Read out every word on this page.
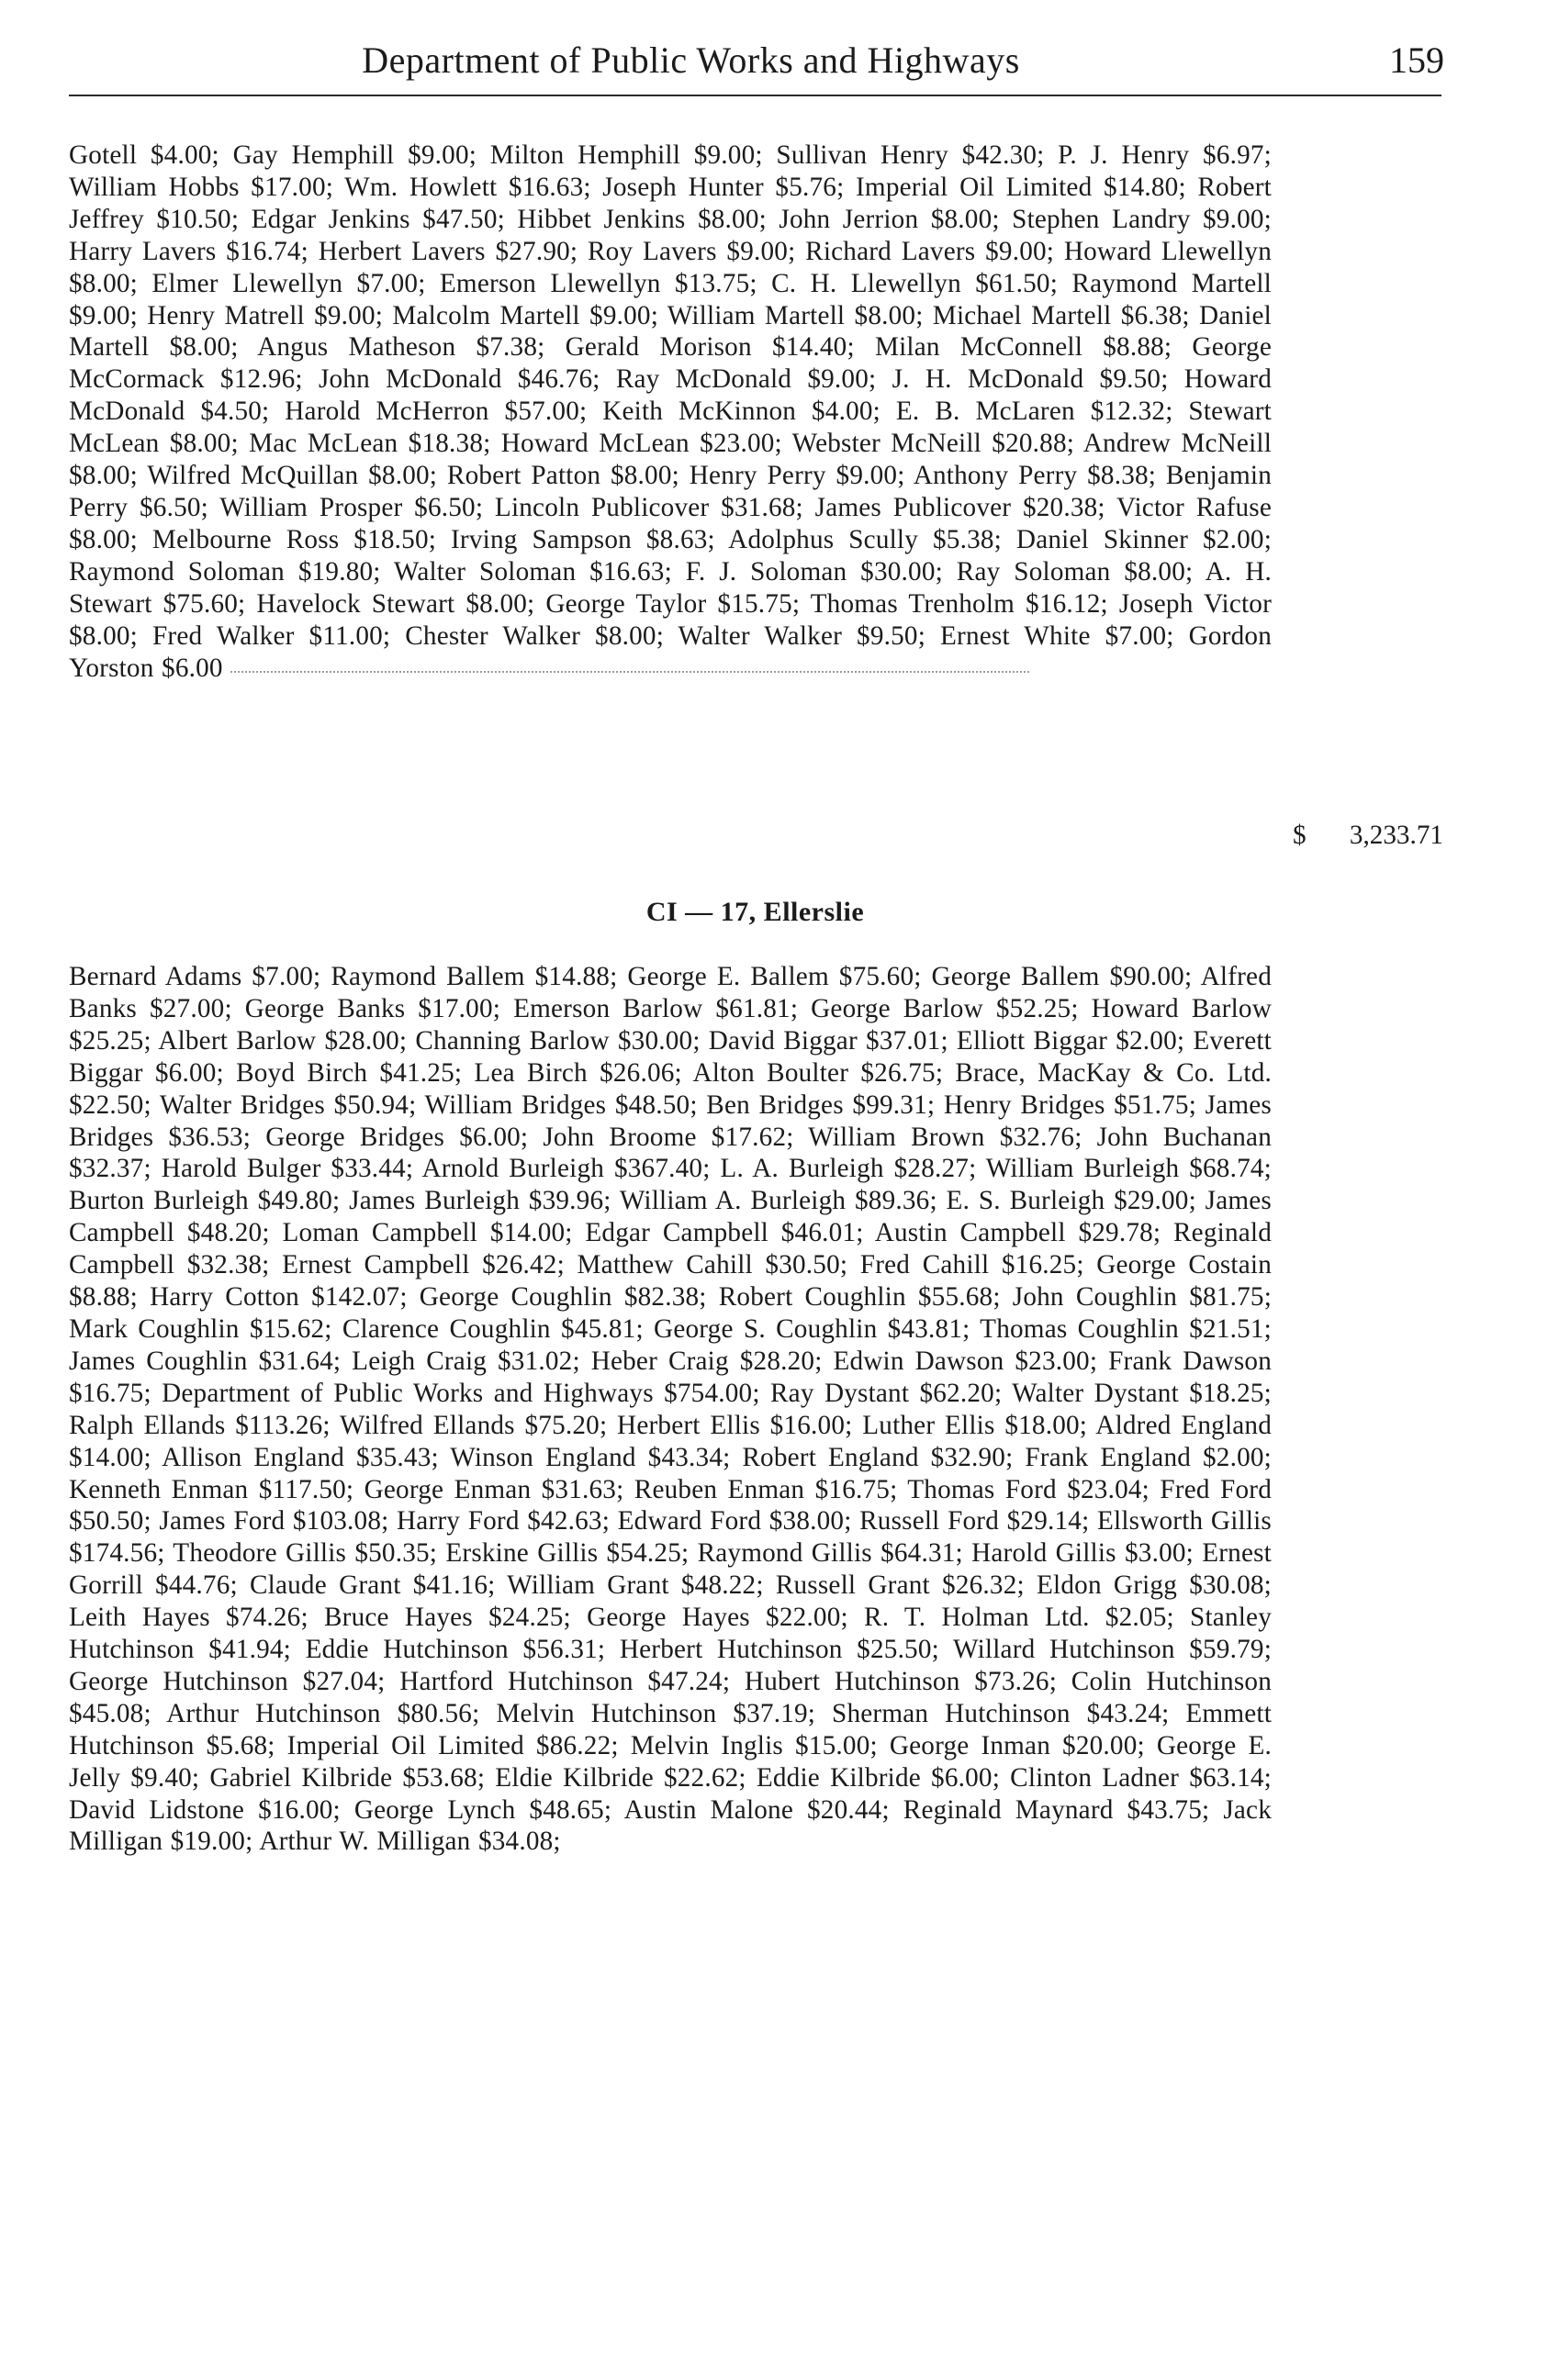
Department of Public Works and Highways	159
Gotell $4.00; Gay Hemphill $9.00; Milton Hemphill $9.00; Sullivan Henry $42.30; P. J. Henry $6.97; William Hobbs $17.00; Wm. Howlett $16.63; Joseph Hunter $5.76; Imperial Oil Limited $14.80; Robert Jeffrey $10.50; Edgar Jenkins $47.50; Hibbet Jenkins $8.00; John Jerrion $8.00; Stephen Landry $9.00; Harry Lavers $16.74; Herbert Lavers $27.90; Roy Lavers $9.00; Richard Lavers $9.00; Howard Llewellyn $8.00; Elmer Llewellyn $7.00; Emerson Llewellyn $13.75; C. H. Llewellyn $61.50; Raymond Martell $9.00; Henry Matrell $9.00; Malcolm Martell $9.00; William Martell $8.00; Michael Martell $6.38; Daniel Martell $8.00; Angus Matheson $7.38; Gerald Morison $14.40; Milan McConnell $8.88; George McCormack $12.96; John McDonald $46.76; Ray McDonald $9.00; J. H. McDonald $9.50; Howard McDonald $4.50; Harold McHerron $57.00; Keith McKinnon $4.00; E. B. McLaren $12.32; Stewart McLean $8.00; Mac McLean $18.38; Howard McLean $23.00; Webster McNeill $20.88; Andrew McNeill $8.00; Wilfred McQuillan $8.00; Robert Patton $8.00; Henry Perry $9.00; Anthony Perry $8.38; Benjamin Perry $6.50; William Prosper $6.50; Lincoln Publicover $31.68; James Publicover $20.38; Victor Rafuse $8.00; Melbourne Ross $18.50; Irving Sampson $8.63; Adolphus Scully $5.38; Daniel Skinner $2.00; Raymond Soloman $19.80; Walter Soloman $16.63; F. J. Soloman $30.00; Ray Soloman $8.00; A. H. Stewart $75.60; Havelock Stewart $8.00; George Taylor $15.75; Thomas Trenholm $16.12; Joseph Victor $8.00; Fred Walker $11.00; Chester Walker $8.00; Walter Walker $9.50; Ernest White $7.00; Gordon Yorston $6.00
$ 3,233.71
CI — 17, Ellerslie
Bernard Adams $7.00; Raymond Ballem $14.88; George E. Ballem $75.60; George Ballem $90.00; Alfred Banks $27.00; George Banks $17.00; Emerson Barlow $61.81; George Barlow $52.25; Howard Barlow $25.25; Albert Barlow $28.00; Channing Barlow $30.00; David Biggar $37.01; Elliott Biggar $2.00; Everett Biggar $6.00; Boyd Birch $41.25; Lea Birch $26.06; Alton Boulter $26.75; Brace, MacKay & Co. Ltd. $22.50; Walter Bridges $50.94; William Bridges $48.50; Ben Bridges $99.31; Henry Bridges $51.75; James Bridges $36.53; George Bridges $6.00; John Broome $17.62; William Brown $32.76; John Buchanan $32.37; Harold Bulger $33.44; Arnold Burleigh $367.40; L. A. Burleigh $28.27; William Burleigh $68.74; Burton Burleigh $49.80; James Burleigh $39.96; William A. Burleigh $89.36; E. S. Burleigh $29.00; James Campbell $48.20; Loman Campbell $14.00; Edgar Campbell $46.01; Austin Campbell $29.78; Reginald Campbell $32.38; Ernest Campbell $26.42; Matthew Cahill $30.50; Fred Cahill $16.25; George Costain $8.88; Harry Cotton $142.07; George Coughlin $82.38; Robert Coughlin $55.68; John Coughlin $81.75; Mark Coughlin $15.62; Clarence Coughlin $45.81; George S. Coughlin $43.81; Thomas Coughlin $21.51; James Coughlin $31.64; Leigh Craig $31.02; Heber Craig $28.20; Edwin Dawson $23.00; Frank Dawson $16.75; Department of Public Works and Highways $754.00; Ray Dystant $62.20; Walter Dystant $18.25; Ralph Ellands $113.26; Wilfred Ellands $75.20; Herbert Ellis $16.00; Luther Ellis $18.00; Aldred England $14.00; Allison England $35.43; Winson England $43.34; Robert England $32.90; Frank England $2.00; Kenneth Enman $117.50; George Enman $31.63; Reuben Enman $16.75; Thomas Ford $23.04; Fred Ford $50.50; James Ford $103.08; Harry Ford $42.63; Edward Ford $38.00; Russell Ford $29.14; Ellsworth Gillis $174.56; Theodore Gillis $50.35; Erskine Gillis $54.25; Raymond Gillis $64.31; Harold Gillis $3.00; Ernest Gorrill $44.76; Claude Grant $41.16; William Grant $48.22; Russell Grant $26.32; Eldon Grigg $30.08; Leith Hayes $74.26; Bruce Hayes $24.25; George Hayes $22.00; R. T. Holman Ltd. $2.05; Stanley Hutchinson $41.94; Eddie Hutchinson $56.31; Herbert Hutchinson $25.50; Willard Hutchinson $59.79; George Hutchinson $27.04; Hartford Hutchinson $47.24; Hubert Hutchinson $73.26; Colin Hutchinson $45.08; Arthur Hutchinson $80.56; Melvin Hutchinson $37.19; Sherman Hutchinson $43.24; Emmett Hutchinson $5.68; Imperial Oil Limited $86.22; Melvin Inglis $15.00; George Inman $20.00; George E. Jelly $9.40; Gabriel Kilbride $53.68; Eldie Kilbride $22.62; Eddie Kilbride $6.00; Clinton Ladner $63.14; David Lidstone $16.00; George Lynch $48.65; Austin Malone $20.44; Reginald Maynard $43.75; Jack Milligan $19.00; Arthur W. Milligan $34.08;
